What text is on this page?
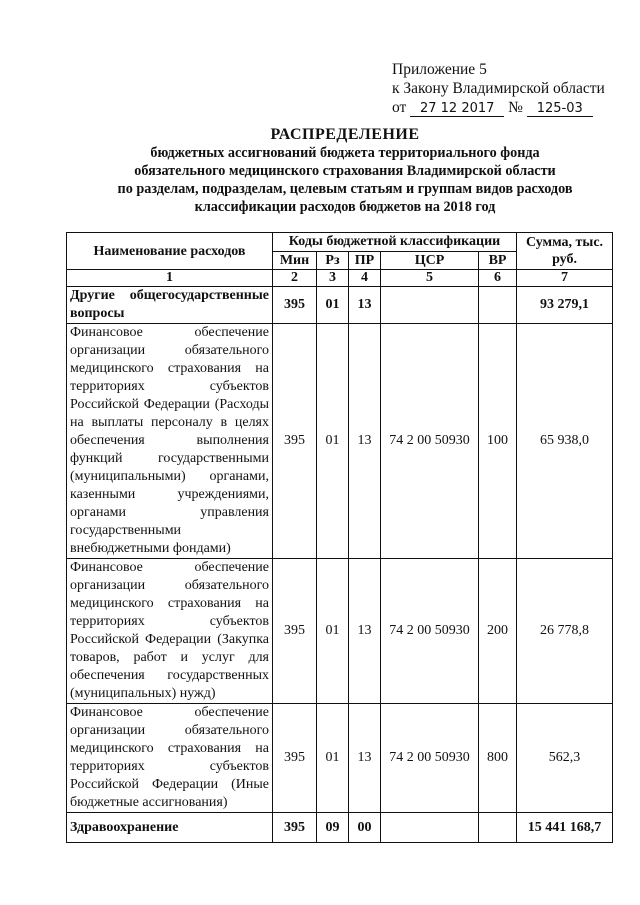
Приложение 5
к Закону Владимирской области
от 27 12 2017 № 125-03
РАСПРЕДЕЛЕНИЕ
бюджетных ассигнований бюджета территориального фонда
обязательного медицинского страхования Владимирской области
по разделам, подразделам, целевым статьям и группам видов расходов
классификации расходов бюджетов на 2018 год
Наименование расходов	Коды бюджетной классификации					Сумма, тыс. руб.
	Мин	Рз	ПР	ЦСР	ВР	
1	2	3	4	5	6	7
Другие общегосударственные вопросы	395	01	13			93 279,1
Финансовое обеспечение организации обязательного медицинского страхования на территориях субъектов Российской Федерации (Расходы на выплаты персоналу в целях обеспечения выполнения функций государственными (муниципальными) органами, казенными учреждениями, органами управления государственными внебюджетными фондами)	395	01	13	74 2 00 50930	100	65 938,0
Финансовое обеспечение организации обязательного медицинского страхования на территориях субъектов Российской Федерации (Закупка товаров, работ и услуг для обеспечения государственных (муниципальных) нужд)	395	01	13	74 2 00 50930	200	26 778,8
Финансовое обеспечение организации обязательного медицинского страхования на территориях субъектов Российской Федерации (Иные бюджетные ассигнования)	395	01	13	74 2 00 50930	800	562,3
Здравоохранение	395	09	00			15 441 168,7
